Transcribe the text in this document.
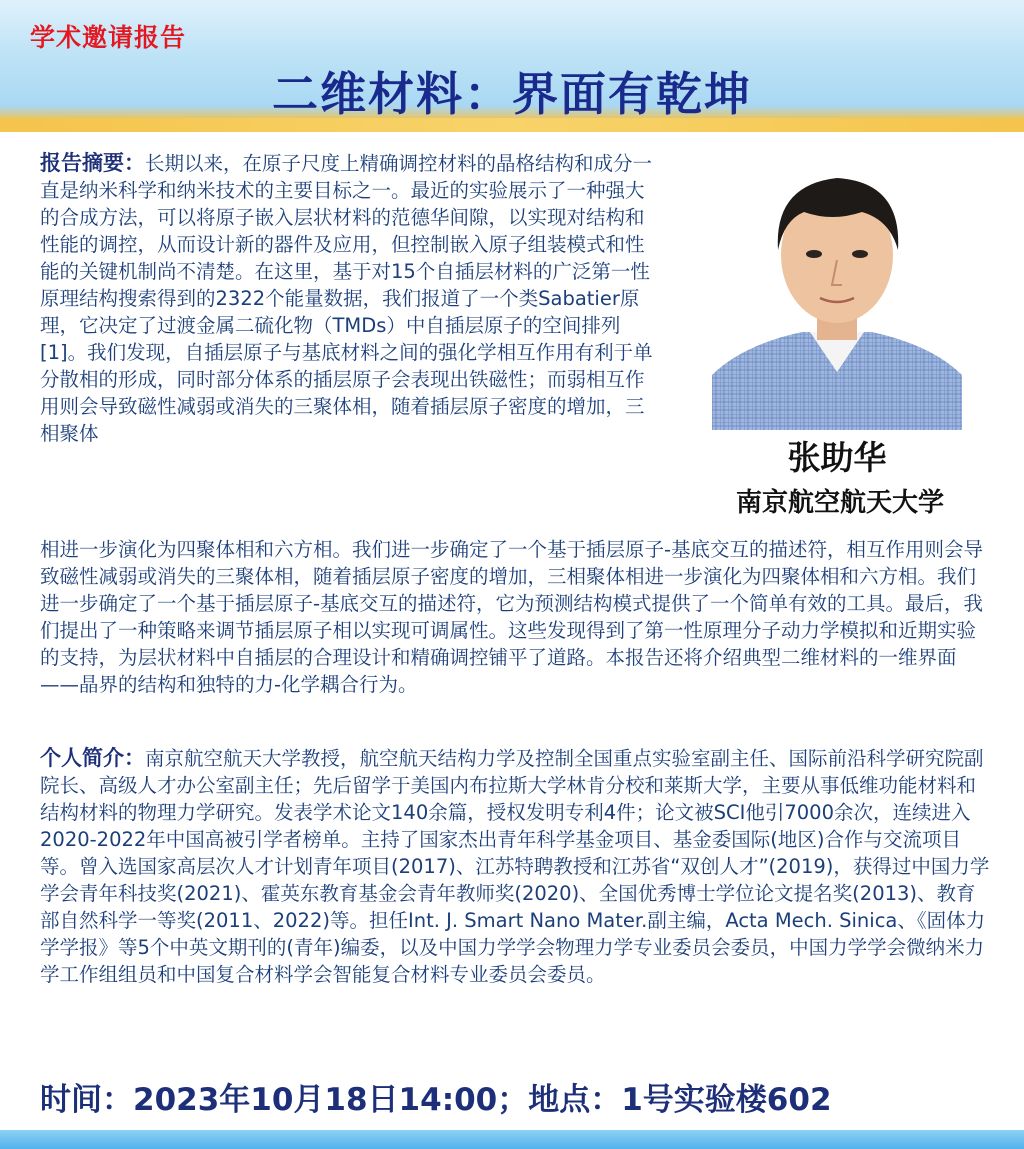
学术邀请报告
二维材料：界面有乾坤
报告摘要：长期以来，在原子尺度上精确调控材料的晶格结构和成分一直是纳米科学和纳米技术的主要目标之一。最近的实验展示了一种强大的合成方法，可以将原子嵌入层状材料的范德华间隙，以实现对结构和性能的调控，从而设计新的器件及应用，但控制嵌入原子组装模式和性能的关键机制尚不清楚。在这里，基于对15个自插层材料的广泛第一性原理结构搜索得到的2322个能量数据，我们报道了一个类Sabatier原理，它决定了过渡金属二硫化物（TMDs）中自插层原子的空间排列[1]。我们发现，自插层原子与基底材料之间的强化学相互作用有利于单分散相的形成，同时部分体系的插层原子会表现出铁磁性；而弱相互作用则会导致磁性减弱或消失的三聚体相，随着插层原子密度的增加，三相聚体
张助华
南京航空航天大学
相进一步演化为四聚体相和六方相。我们进一步确定了一个基于插层原子-基底交互的描述符，相互作用则会导致磁性减弱或消失的三聚体相，随着插层原子密度的增加，三相聚体相进一步演化为四聚体相和六方相。我们进一步确定了一个基于插层原子-基底交互的描述符，它为预测结构模式提供了一个简单有效的工具。最后，我们提出了一种策略来调节插层原子相以实现可调属性。这些发现得到了第一性原理分子动力学模拟和近期实验的支持，为层状材料中自插层的合理设计和精确调控铺平了道路。本报告还将介绍典型二维材料的一维界面——晶界的结构和独特的力-化学耦合行为。
个人简介：南京航空航天大学教授，航空航天结构力学及控制全国重点实验室副主任、国际前沿科学研究院副院长、高级人才办公室副主任；先后留学于美国内布拉斯大学林肯分校和莱斯大学，主要从事低维功能材料和结构材料的物理力学研究。发表学术论文140余篇，授权发明专利4件；论文被SCI他引7000余次，连续进入2020-2022年中国高被引学者榜单。主持了国家杰出青年科学基金项目、基金委国际(地区)合作与交流项目等。曾入选国家高层次人才计划青年项目(2017)、江苏特聘教授和江苏省“双创人才”(2019)，获得过中国力学学会青年科技奖(2021)、霍英东教育基金会青年教师奖(2020)、全国优秀博士学位论文提名奖(2013)、教育部自然科学一等奖(2011、2022)等。担任Int. J. Smart Nano Mater.副主编，Acta Mech. Sinica、《固体力学学报》等5个中英文期刊的(青年)编委，以及中国力学学会物理力学专业委员会委员，中国力学学会微纳米力学工作组组员和中国复合材料学会智能复合材料专业委员会委员。
时间：2023年10月18日14:00；地点：1号实验楼602
